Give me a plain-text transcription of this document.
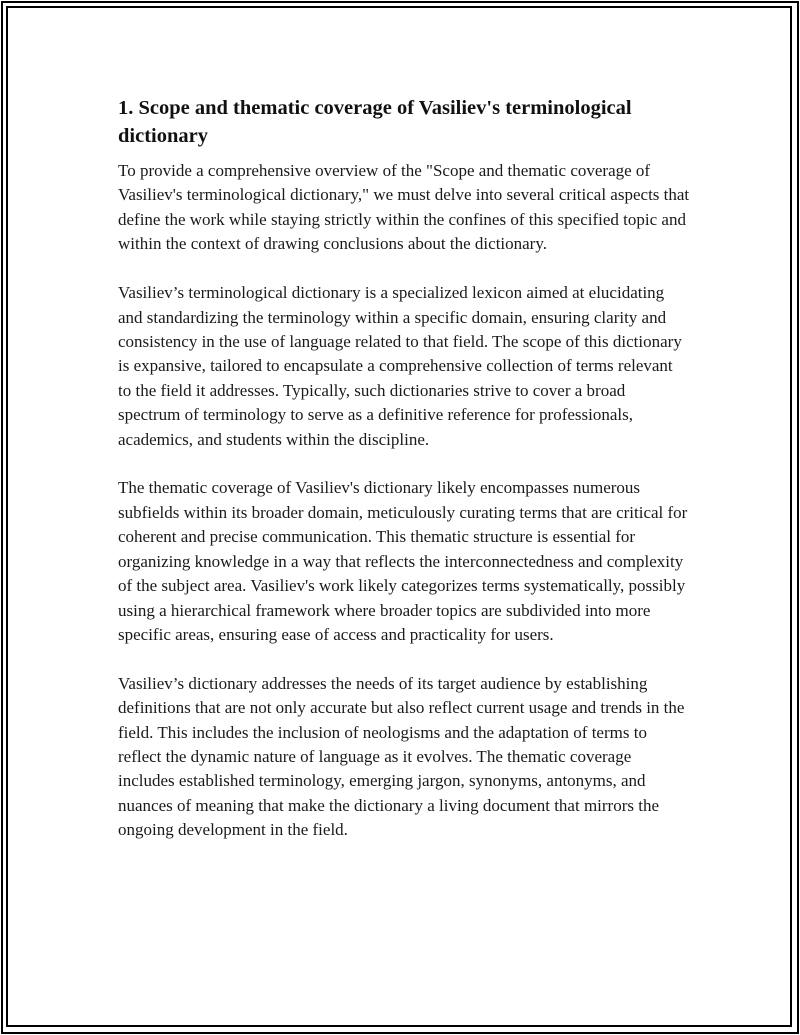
1. Scope and thematic coverage of Vasiliev's terminological dictionary

To provide a comprehensive overview of the "Scope and thematic coverage of Vasiliev's terminological dictionary," we must delve into several critical aspects that define the work while staying strictly within the confines of this specified topic and within the context of drawing conclusions about the dictionary.

Vasiliev’s terminological dictionary is a specialized lexicon aimed at elucidating and standardizing the terminology within a specific domain, ensuring clarity and consistency in the use of language related to that field. The scope of this dictionary is expansive, tailored to encapsulate a comprehensive collection of terms relevant to the field it addresses. Typically, such dictionaries strive to cover a broad spectrum of terminology to serve as a definitive reference for professionals, academics, and students within the discipline.

The thematic coverage of Vasiliev's dictionary likely encompasses numerous subfields within its broader domain, meticulously curating terms that are critical for coherent and precise communication. This thematic structure is essential for organizing knowledge in a way that reflects the interconnectedness and complexity of the subject area. Vasiliev's work likely categorizes terms systematically, possibly using a hierarchical framework where broader topics are subdivided into more specific areas, ensuring ease of access and practicality for users.

Vasiliev’s dictionary addresses the needs of its target audience by establishing definitions that are not only accurate but also reflect current usage and trends in the field. This includes the inclusion of neologisms and the adaptation of terms to reflect the dynamic nature of language as it evolves. The thematic coverage includes established terminology, emerging jargon, synonyms, antonyms, and nuances of meaning that make the dictionary a living document that mirrors the ongoing development in the field.
